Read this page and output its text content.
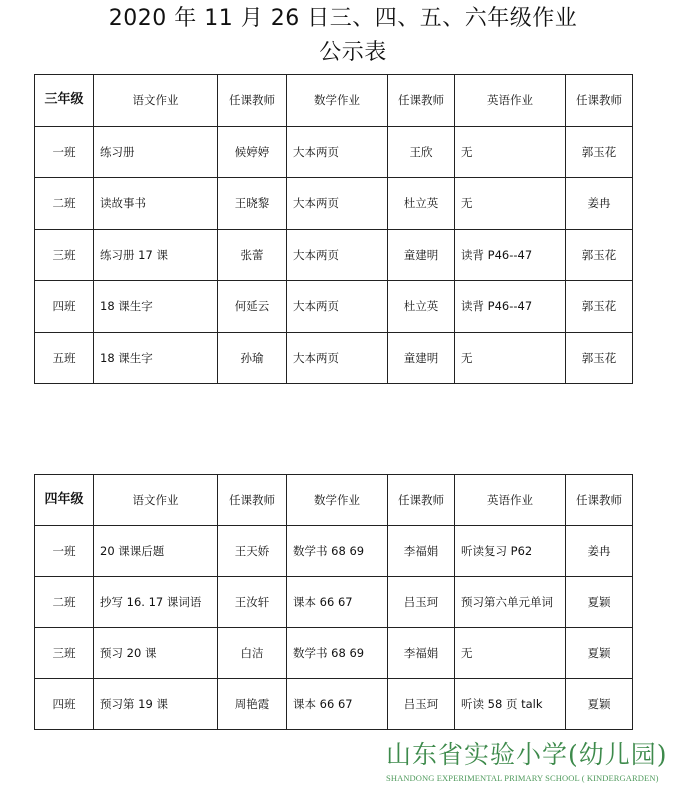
2020 年 11 月 26 日三、四、五、六年级作业
公示表
三年级	语文作业	任课教师	数学作业	任课教师	英语作业	任课教师
一班	练习册	候婷婷	大本两页	王欣	无	郭玉花
二班	读故事书	王晓黎	大本两页	杜立英	无	姜冉
三班	练习册 17 课	张蕾	大本两页	童建明	读背 P46--47	郭玉花
四班	18 课生字	何延云	大本两页	杜立英	读背 P46--47	郭玉花
五班	18 课生字	孙瑜	大本两页	童建明	无	郭玉花
四年级	语文作业	任课教师	数学作业	任课教师	英语作业	任课教师
一班	20 课课后题	王天娇	数学书 68 69	李福娟	听读复习 P62	姜冉
二班	抄写 16. 17 课词语	王汝轩	课本 66 67	吕玉珂	预习第六单元单词	夏颖
三班	预习 20 课	白洁	数学书 68 69	李福娟	无	夏颖
四班	预习第 19 课	周艳霞	课本 66 67	吕玉珂	听读 58 页 talk	夏颖
山东省实验小学(幼儿园)
SHANDONG EXPERIMENTAL PRIMARY SCHOOL ( KINDERGARDEN)
